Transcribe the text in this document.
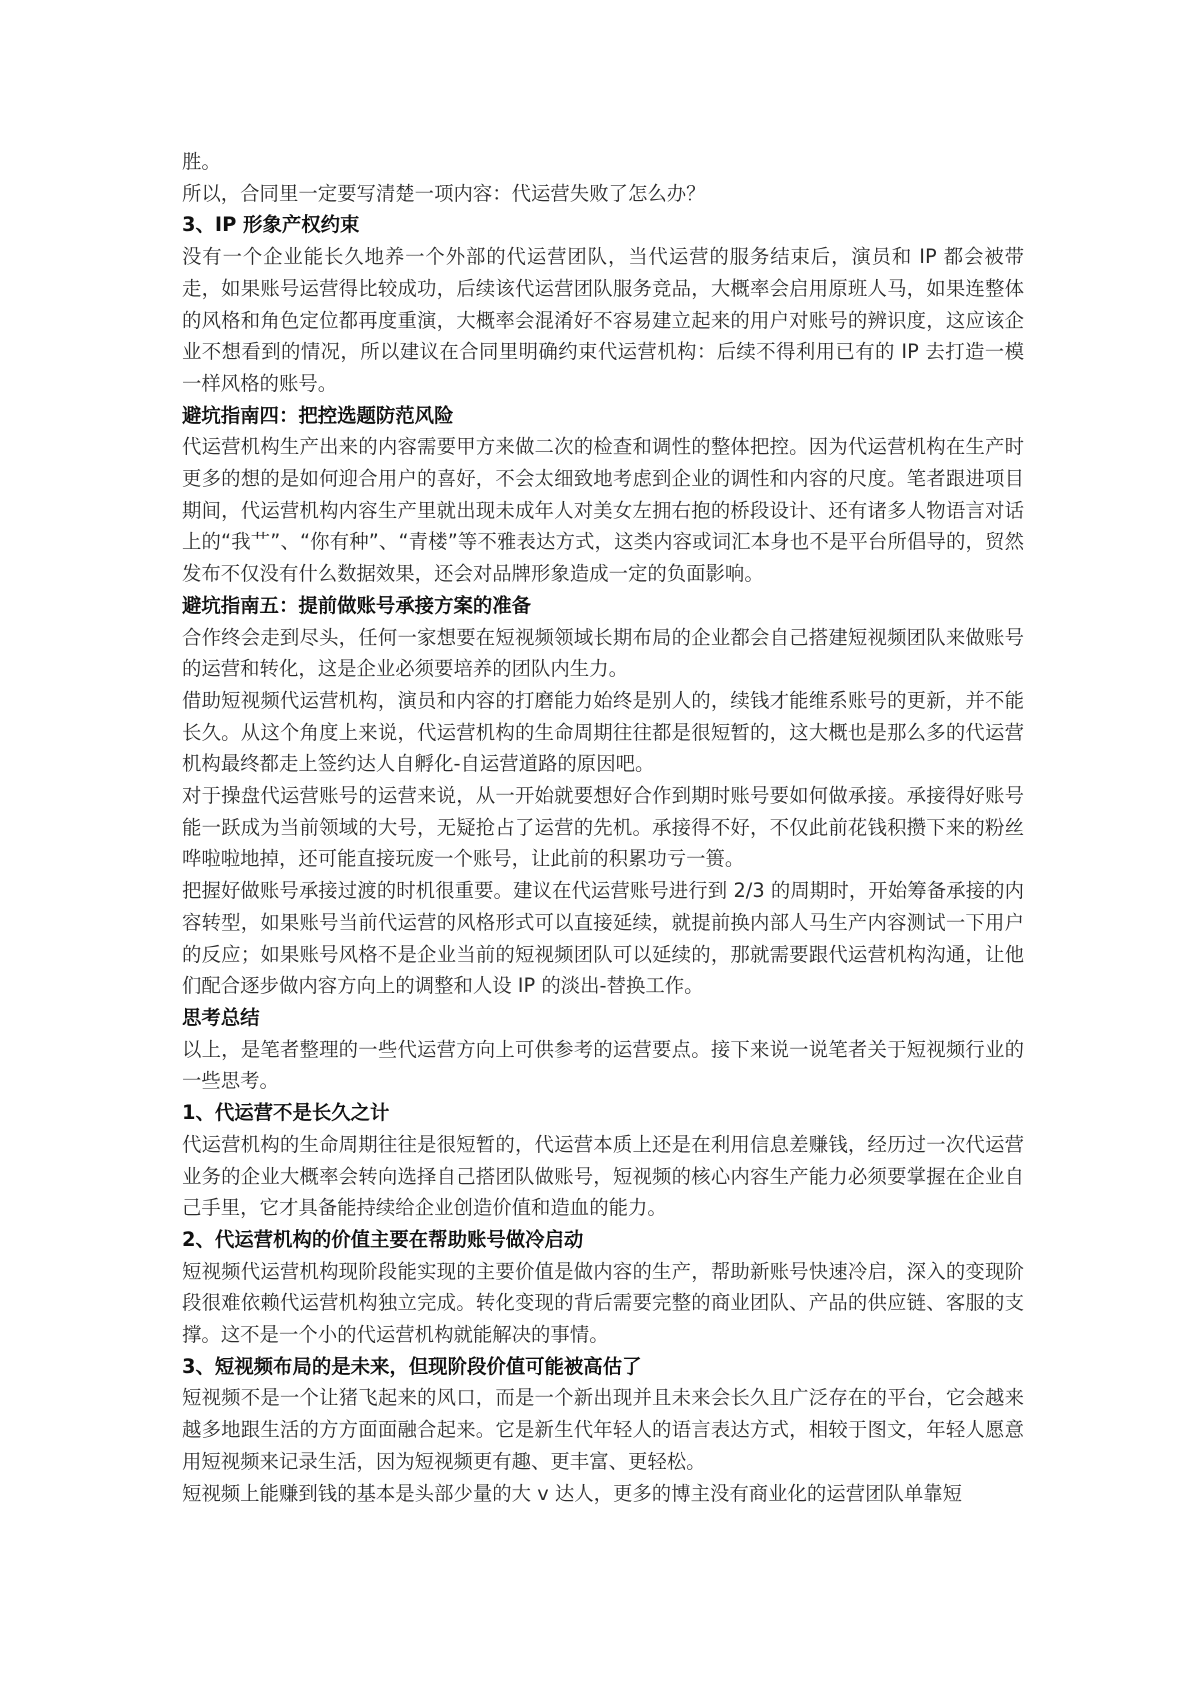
胜。

所以，合同里一定要写清楚一项内容：代运营失败了怎么办？

3、IP 形象产权约束

没有一个企业能长久地养一个外部的代运营团队，当代运营的服务结束后，演员和 IP 都会被带走，如果账号运营得比较成功，后续该代运营团队服务竞品，大概率会启用原班人马，如果连整体的风格和角色定位都再度重演，大概率会混淆好不容易建立起来的用户对账号的辨识度，这应该企业不想看到的情况，所以建议在合同里明确约束代运营机构：后续不得利用已有的 IP 去打造一模一样风格的账号。

避坑指南四：把控选题防范风险

代运营机构生产出来的内容需要甲方来做二次的检查和调性的整体把控。因为代运营机构在生产时更多的想的是如何迎合用户的喜好，不会太细致地考虑到企业的调性和内容的尺度。笔者跟进项目期间，代运营机构内容生产里就出现未成年人对美女左拥右抱的桥段设计、还有诸多人物语言对话上的“我艹”、“你有种”、“青楼”等不雅表达方式，这类内容或词汇本身也不是平台所倡导的，贸然发布不仅没有什么数据效果，还会对品牌形象造成一定的负面影响。

避坑指南五：提前做账号承接方案的准备

合作终会走到尽头，任何一家想要在短视频领域长期布局的企业都会自己搭建短视频团队来做账号的运营和转化，这是企业必须要培养的团队内生力。

借助短视频代运营机构，演员和内容的打磨能力始终是别人的，续钱才能维系账号的更新，并不能长久。从这个角度上来说，代运营机构的生命周期往往都是很短暂的，这大概也是那么多的代运营机构最终都走上签约达人自孵化-自运营道路的原因吧。

对于操盘代运营账号的运营来说，从一开始就要想好合作到期时账号要如何做承接。承接得好账号能一跃成为当前领域的大号，无疑抢占了运营的先机。承接得不好，不仅此前花钱积攒下来的粉丝哗啦啦地掉，还可能直接玩废一个账号，让此前的积累功亏一篑。

把握好做账号承接过渡的时机很重要。建议在代运营账号进行到 2/3 的周期时，开始筹备承接的内容转型，如果账号当前代运营的风格形式可以直接延续，就提前换内部人马生产内容测试一下用户的反应；如果账号风格不是企业当前的短视频团队可以延续的，那就需要跟代运营机构沟通，让他们配合逐步做内容方向上的调整和人设 IP 的淡出-替换工作。

思考总结

以上，是笔者整理的一些代运营方向上可供参考的运营要点。接下来说一说笔者关于短视频行业的一些思考。

1、代运营不是长久之计

代运营机构的生命周期往往是很短暂的，代运营本质上还是在利用信息差赚钱，经历过一次代运营业务的企业大概率会转向选择自己搭团队做账号，短视频的核心内容生产能力必须要掌握在企业自己手里，它才具备能持续给企业创造价值和造血的能力。

2、代运营机构的价值主要在帮助账号做冷启动

短视频代运营机构现阶段能实现的主要价值是做内容的生产，帮助新账号快速冷启，深入的变现阶段很难依赖代运营机构独立完成。转化变现的背后需要完整的商业团队、产品的供应链、客服的支撑。这不是一个小的代运营机构就能解决的事情。

3、短视频布局的是未来，但现阶段价值可能被高估了

短视频不是一个让猪飞起来的风口，而是一个新出现并且未来会长久且广泛存在的平台，它会越来越多地跟生活的方方面面融合起来。它是新生代年轻人的语言表达方式，相较于图文，年轻人愿意用短视频来记录生活，因为短视频更有趣、更丰富、更轻松。

短视频上能赚到钱的基本是头部少量的大 v 达人，更多的博主没有商业化的运营团队单靠短
